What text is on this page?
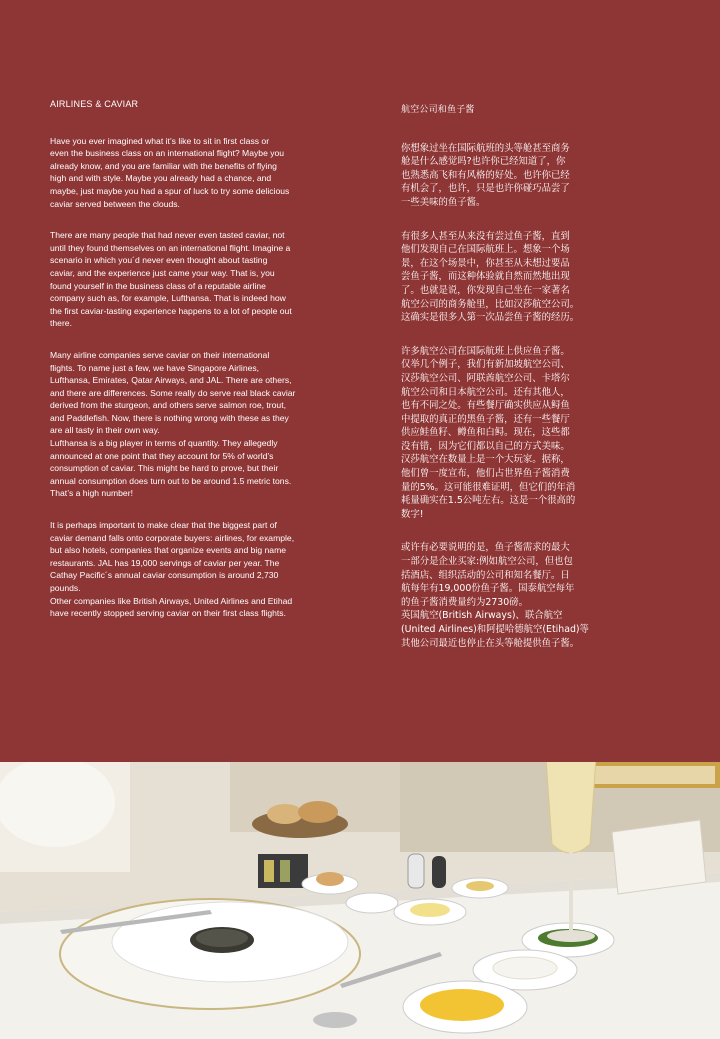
AIRLINES & CAVIAR

Have you ever imagined what it’s like to sit in first class or
even the business class on an international flight? Maybe you
already know, and you are familiar with the benefits of flying
high and with style. Maybe you already had a chance, and
maybe, just maybe you had a spur of luck to try some delicious
caviar served between the clouds.

There are many people that had never even tasted caviar, not
until they found themselves on an international flight. Imagine a
scenario in which you´d never even thought about tasting
caviar, and the experience just came your way. That is, you
found yourself in the business class of a reputable airline
company such as, for example, Lufthansa. That is indeed how
the first caviar-tasting experience happens to a lot of people out
there.

Many airline companies serve caviar on their international
flights. To name just a few, we have Singapore Airlines,
Lufthansa, Emirates, Qatar Airways, and JAL. There are others,
and there are differences. Some really do serve real black caviar
derived from the sturgeon, and others serve salmon roe, trout,
and Paddlefish. Now, there is nothing wrong with these as they
are all tasty in their own way.
Lufthansa is a big player in terms of quantity. They allegedly
announced at one point that they account for 5% of world’s
consumption of caviar. This might be hard to prove, but their
annual consumption does turn out to be around 1.5 metric tons.
That’s a high number!

It is perhaps important to make clear that the biggest part of
caviar demand falls onto corporate buyers: airlines, for example,
but also hotels, companies that organize events and big name
restaurants. JAL has 19,000 servings of caviar per year. The
Cathay Pacific´s annual caviar consumption is around 2,730
pounds.
Other companies like British Airways, United Airlines and Etihad
have recently stopped serving caviar on their first class flights.

航空公司和鱼子酱

你想象过坐在国际航班的头等舱甚至商务
舱是什么感觉吗?也许你已经知道了，你
也熟悉高飞和有风格的好处。也许你已经
有机会了，也许，只是也许你碰巧品尝了
一些美味的鱼子酱。

有很多人甚至从来没有尝过鱼子酱，直到
他们发现自己在国际航班上。想象一个场
景，在这个场景中，你甚至从未想过要品
尝鱼子酱，而这种体验就自然而然地出现
了。也就是说，你发现自己坐在一家著名
航空公司的商务舱里，比如汉莎航空公司。
这确实是很多人第一次品尝鱼子酱的经历。

许多航空公司在国际航班上供应鱼子酱。
仅举几个例子，我们有新加坡航空公司、
汉莎航空公司、阿联酋航空公司、卡塔尔
航空公司和日本航空公司。还有其他人，
也有不同之处。有些餐厅确实供应从鲟鱼
中提取的真正的黑鱼子酱，还有一些餐厅
供应鲑鱼籽、鳟鱼和白鲟。现在，这些都
没有错，因为它们都以自己的方式美味。
汉莎航空在数量上是一个大玩家。据称，
他们曾一度宣布，他们占世界鱼子酱消费
量的5%。这可能很难证明，但它们的年消
耗量确实在1.5公吨左右。这是一个很高的
数字!

或许有必要说明的是，鱼子酱需求的最大
一部分是企业买家:例如航空公司，但也包
括酒店、组织活动的公司和知名餐厅。日
航每年有19,000份鱼子酱。国泰航空每年
的鱼子酱消费量约为2730磅。
英国航空(British Airways)、联合航空
(United Airlines)和阿提哈德航空(Etihad)等
其他公司最近也停止在头等舱提供鱼子酱。
